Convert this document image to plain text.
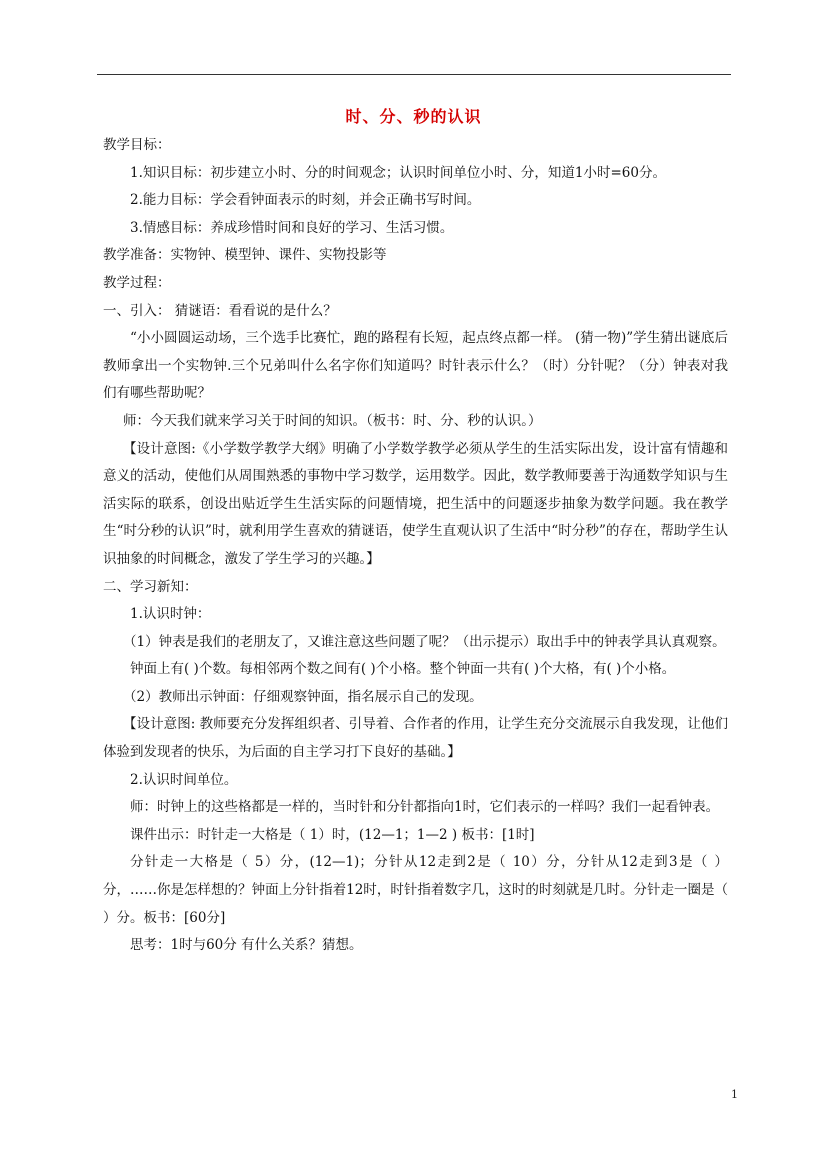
时、分、秒的认识

教学目标：

1.知识目标：初步建立小时、分的时间观念；认识时间单位小时、分，知道1小时=60分。

2.能力目标：学会看钟面表示的时刻，并会正确书写时间。

3.情感目标：养成珍惜时间和良好的学习、生活习惯。

教学准备：实物钟、模型钟、课件、实物投影等

教学过程：

一、引入： 猜谜语：看看说的是什么？

“小小圆圆运动场，三个选手比赛忙，跑的路程有长短，起点终点都一样。 (猜一物)”学生猜出谜底后教师拿出一个实物钟.三个兄弟叫什么名字你们知道吗？时针表示什么？（时）分针呢？（分）钟表对我们有哪些帮助呢？

师：今天我们就来学习关于时间的知识。（板书：时、分、秒的认识。）

【设计意图:《小学数学教学大纲》明确了小学数学教学必须从学生的生活实际出发，设计富有情趣和意义的活动，使他们从周围熟悉的事物中学习数学，运用数学。因此，数学教师要善于沟通数学知识与生活实际的联系，创设出贴近学生生活实际的问题情境，把生活中的问题逐步抽象为数学问题。我在教学生“时分秒的认识”时，就利用学生喜欢的猜谜语，使学生直观认识了生活中“时分秒”的存在，帮助学生认识抽象的时间概念，激发了学生学习的兴趣。】

二、学习新知：

1.认识时钟：

（1）钟表是我们的老朋友了，又谁注意这些问题了呢？（出示提示）取出手中的钟表学具认真观察。

钟面上有( )个数。每相邻两个数之间有( )个小格。整个钟面一共有( )个大格，有( )个小格。

（2）教师出示钟面：仔细观察钟面，指名展示自己的发现。

【设计意图: 教师要充分发挥组织者、引导着、合作者的作用，让学生充分交流展示自我发现，让他们体验到发现者的快乐，为后面的自主学习打下良好的基础。】

2.认识时间单位。

师：时钟上的这些格都是一样的，当时针和分针都指向1时，它们表示的一样吗？我们一起看钟表。

课件出示：时针走一大格是（ 1）时，(12—1；1—2 ) 板书：[1时]

分针走一大格是（ 5）分，(12—1)；分针从12走到2是（ 10）分，分针从12走到3是（ ）分，……你是怎样想的？钟面上分针指着12时，时针指着数字几，这时的时刻就是几时。分针走一圈是（ ）分。板书：[60分]

思考：1时与60分 有什么关系？猜想。

1
